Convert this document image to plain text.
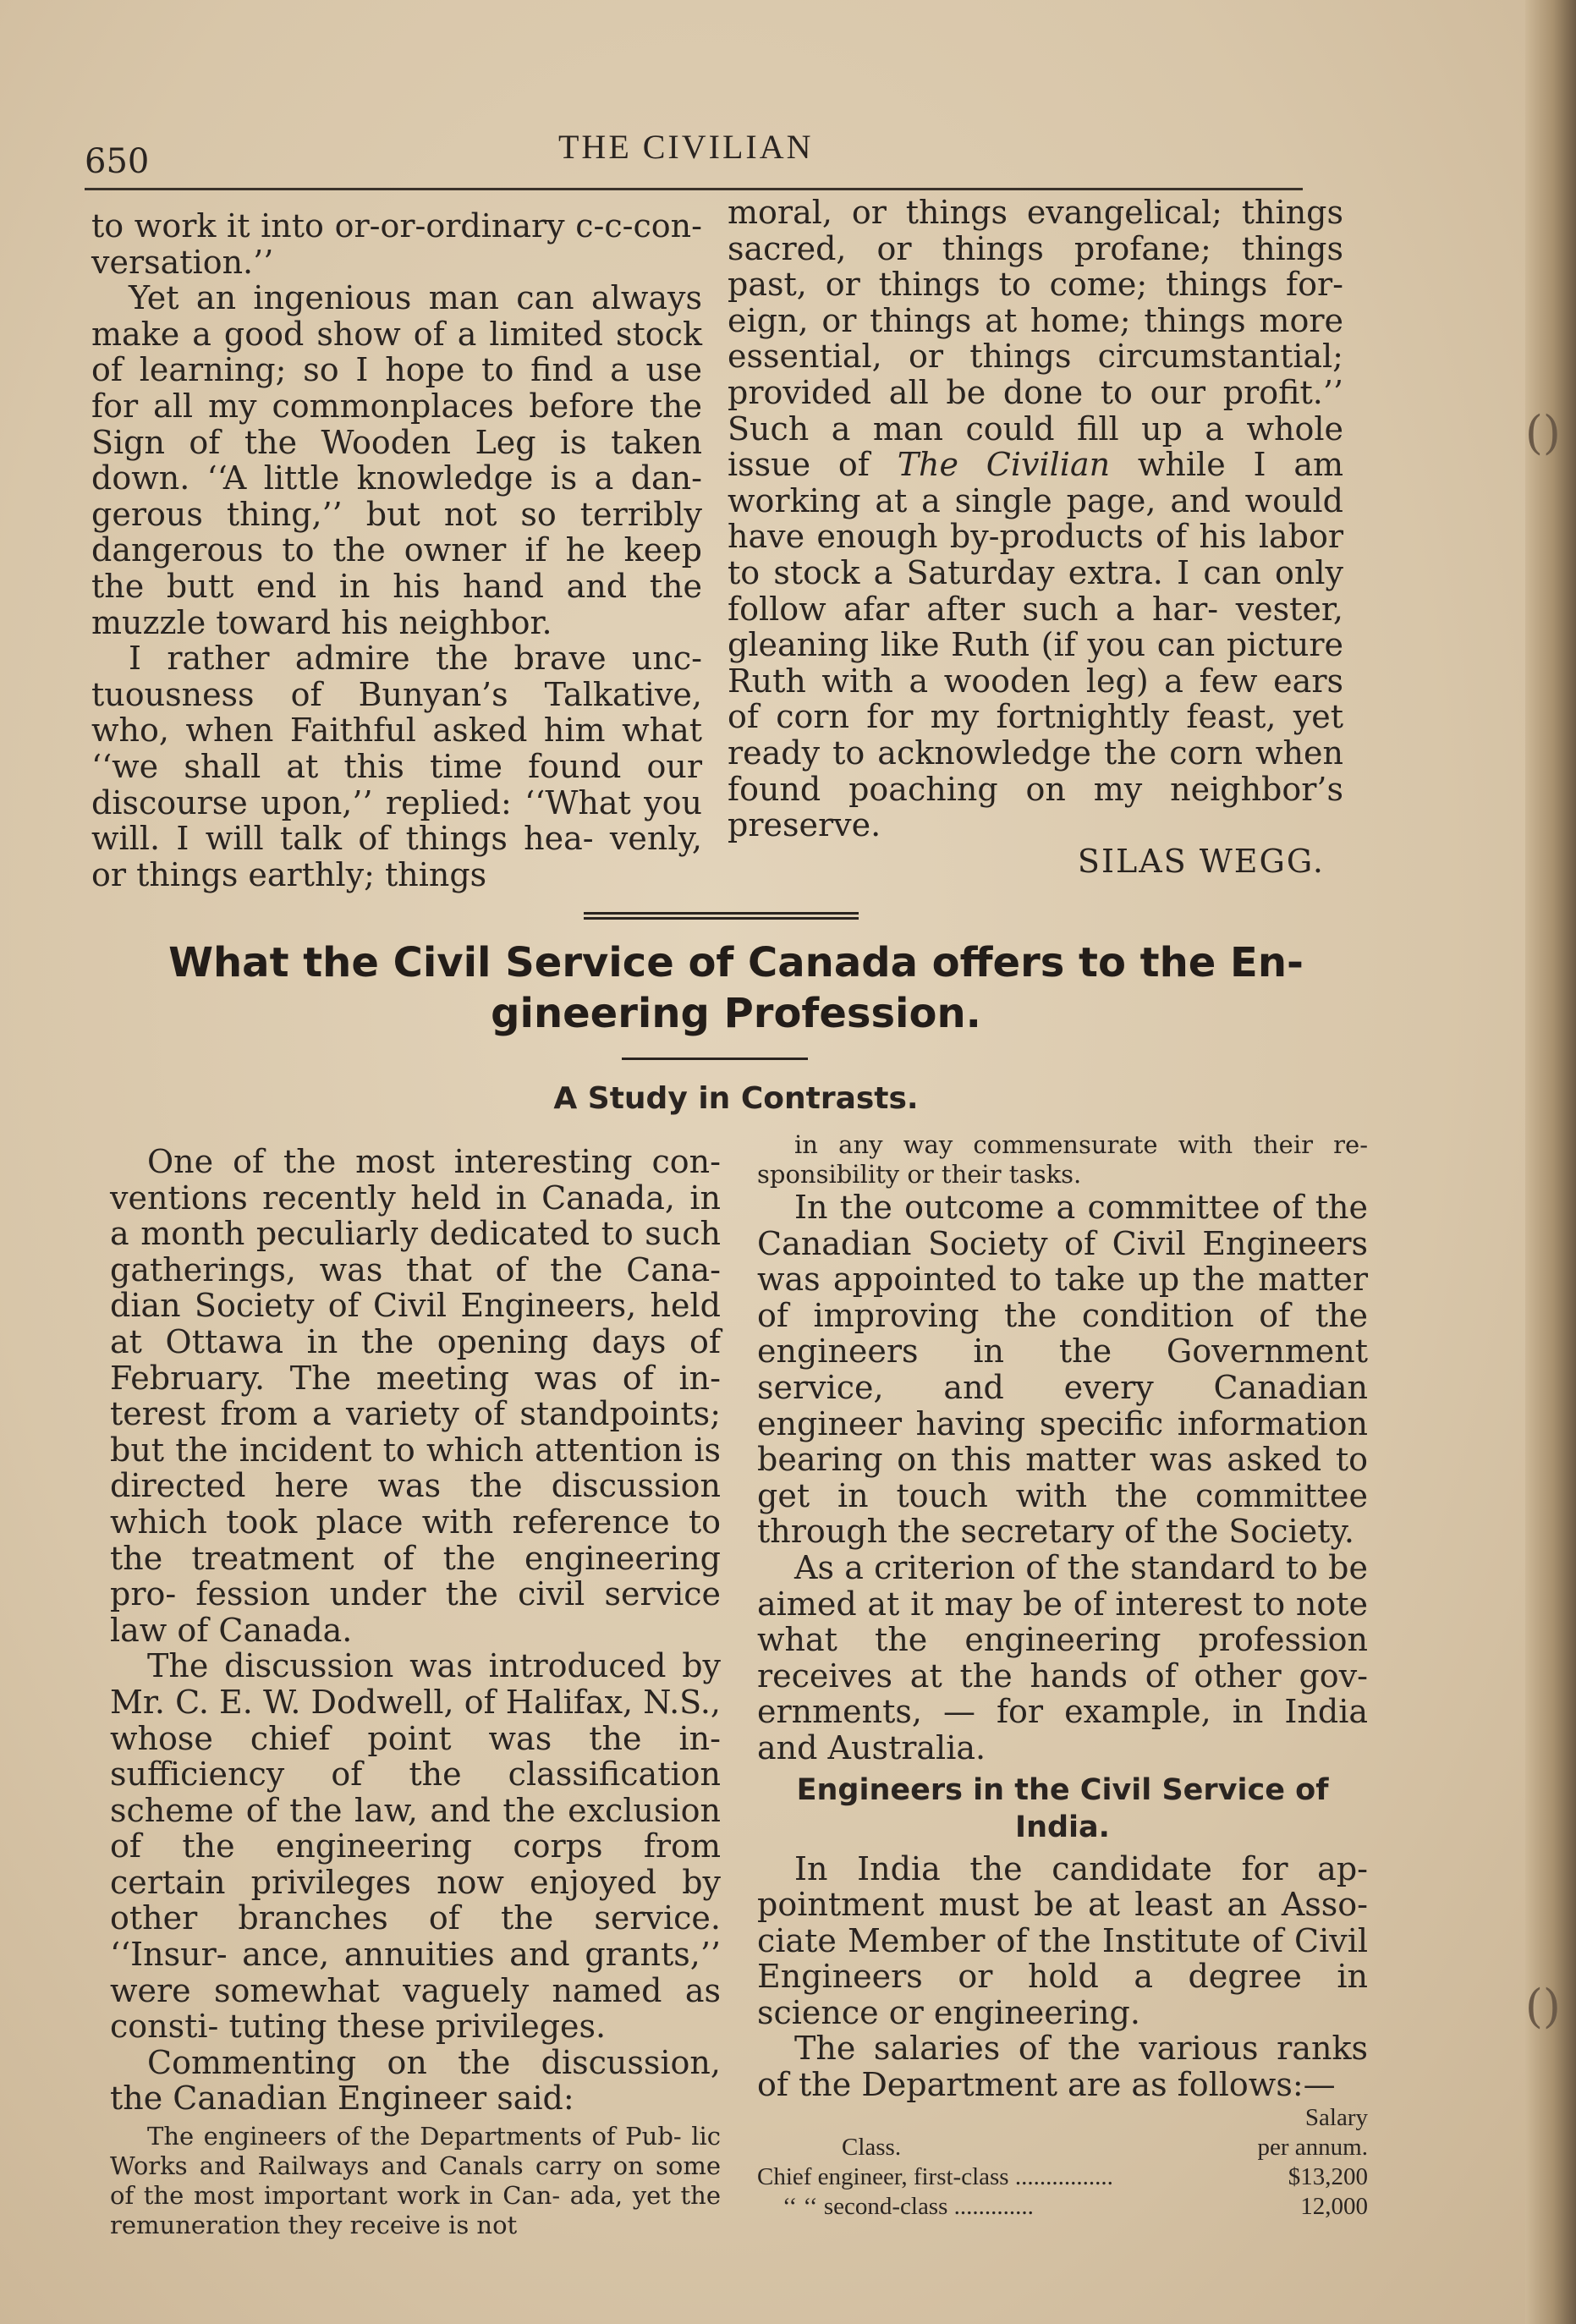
()
()
650	THE CIVILIAN

to work it into or-or-ordinary c-c-con- versation.’’

Yet an ingenious man can always make a good show of a limited stock of learning; so I hope to find a use for all my commonplaces before the Sign of the Wooden Leg is taken down. ‘‘A little knowledge is a dan- gerous thing,’’ but not so terribly dangerous to the owner if he keep the butt end in his hand and the muzzle toward his neighbor.

I rather admire the brave unc- tuousness of Bunyan’s Talkative, who, when Faithful asked him what ‘‘we shall at this time found our discourse upon,’’ replied: ‘‘What you will. I will talk of things hea- venly, or things earthly; things

moral, or things evangelical; things sacred, or things profane; things past, or things to come; things for- eign, or things at home; things more essential, or things circumstantial; provided all be done to our profit.’’ Such a man could fill up a whole issue of The Civilian while I am working at a single page, and would have enough by-products of his labor to stock a Saturday extra. I can only follow afar after such a har- vester, gleaning like Ruth (if you can picture Ruth with a wooden leg) a few ears of corn for my fortnightly feast, yet ready to acknowledge the corn when found poaching on my neighbor’s preserve.

SILAS WEGG.

What the Civil Service of Canada offers to the En- gineering Profession.
A Study in Contrasts.

One of the most interesting con- ventions recently held in Canada, in a month peculiarly dedicated to such gatherings, was that of the Cana- dian Society of Civil Engineers, held at Ottawa in the opening days of February. The meeting was of in- terest from a variety of standpoints; but the incident to which attention is directed here was the discussion which took place with reference to the treatment of the engineering pro- fession under the civil service law of Canada.

The discussion was introduced by Mr. C. E. W. Dodwell, of Halifax, N.S., whose chief point was the in- sufficiency of the classification scheme of the law, and the exclusion of the engineering corps from certain privileges now enjoyed by other branches of the service. ‘‘Insur- ance, annuities and grants,’’ were somewhat vaguely named as consti- tuting these privileges.

Commenting on the discussion, the Canadian Engineer said:

The engineers of the Departments of Pub- lic Works and Railways and Canals carry on some of the most important work in Can- ada, yet the remuneration they receive is not

in any way commensurate with their re- sponsibility or their tasks.

In the outcome a committee of the Canadian Society of Civil Engineers was appointed to take up the matter of improving the condition of the engineers in the Government service, and every Canadian engineer having specific information bearing on this matter was asked to get in touch with the committee through the secretary of the Society.

As a criterion of the standard to be aimed at it may be of interest to note what the engineering profession receives at the hands of other gov- ernments, — for example, in India and Australia.

Engineers in the Civil Service of India.

In India the candidate for ap- pointment must be at least an Asso- ciate Member of the Institute of Civil Engineers or hold a degree in science or engineering.

The salaries of the various ranks of the Department are as follows:—

Salary
Class.	per annum.
Chief engineer, first-class ................	$13,200
‘‘ ‘‘ second-class .............	12,000
